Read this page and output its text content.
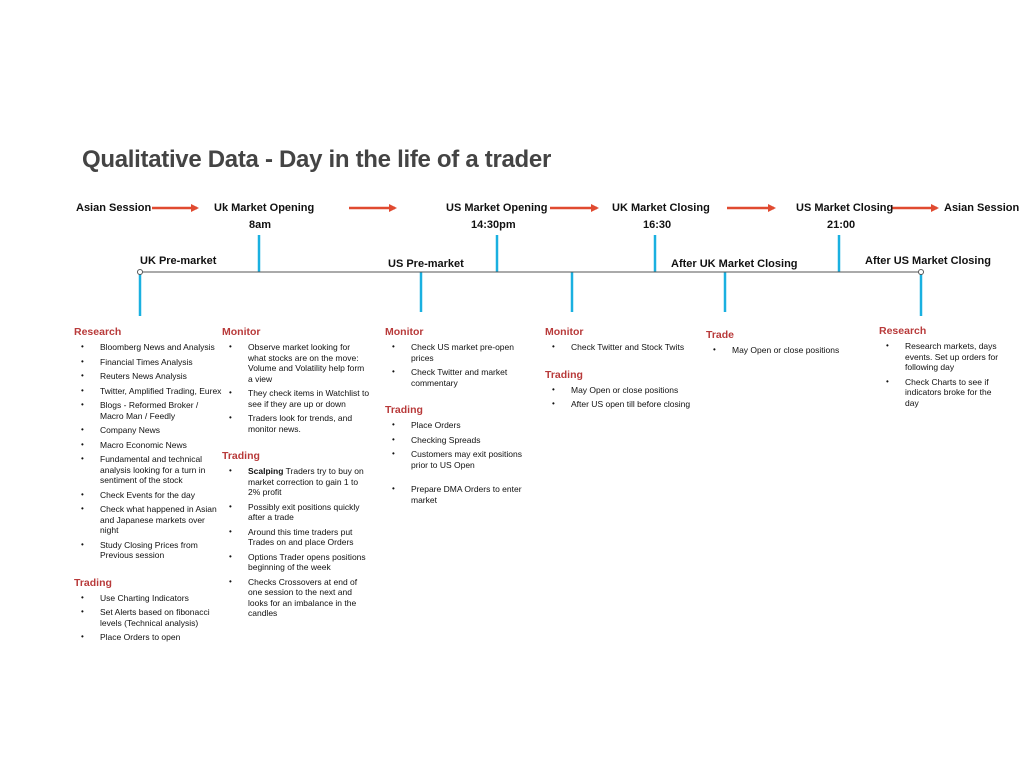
Qualitative Data - Day in the life of a trader
Asian Session	Uk Market Opening	US Market Opening	UK Market Closing	US Market Closing	Asian Session
8am	14:30pm	16:30	21:00
UK Pre-market	US Pre-market	After UK Market Closing	After US Market Closing
Research
• Bloomberg News and Analysis
• Financial Times Analysis
• Reuters News Analysis
• Twitter, Amplified Trading, Eurex
• Blogs - Reformed Broker / Macro Man / Feedly
• Company News
• Macro Economic News
• Fundamental and technical analysis looking for a turn in sentiment of the stock
• Check Events for the day
• Check what happened in Asian and Japanese markets over night
• Study Closing Prices from Previous session
Trading
• Use Charting Indicators
• Set Alerts based on fibonacci levels (Technical analysis)
• Place Orders to open
Monitor
• Observe market looking for what stocks are on the move: Volume and Volatility help form a view
• They check items in Watchlist to see if they are up or down
• Traders look for trends, and monitor news.
Trading
• Scalping Traders try to buy on market correction to gain 1 to 2% profit
• Possibly exit positions quickly after a trade
• Around this time traders put Trades on and place Orders
• Options Trader opens positions beginning of the week
• Checks Crossovers at end of one session to the next and looks for an imbalance in the candles
Monitor
• Check US market pre-open prices
• Check Twitter and market commentary
Trading
• Place Orders
• Checking Spreads
• Customers may exit positions prior to US Open
• Prepare DMA Orders to enter market
Monitor
• Check Twitter and Stock Twits
Trading
• May Open or close positions
• After US open till before closing
Trade
• May Open or close positions
Research
• Research markets, days events. Set up orders for following day
• Check Charts to see if indicators broke for the day
